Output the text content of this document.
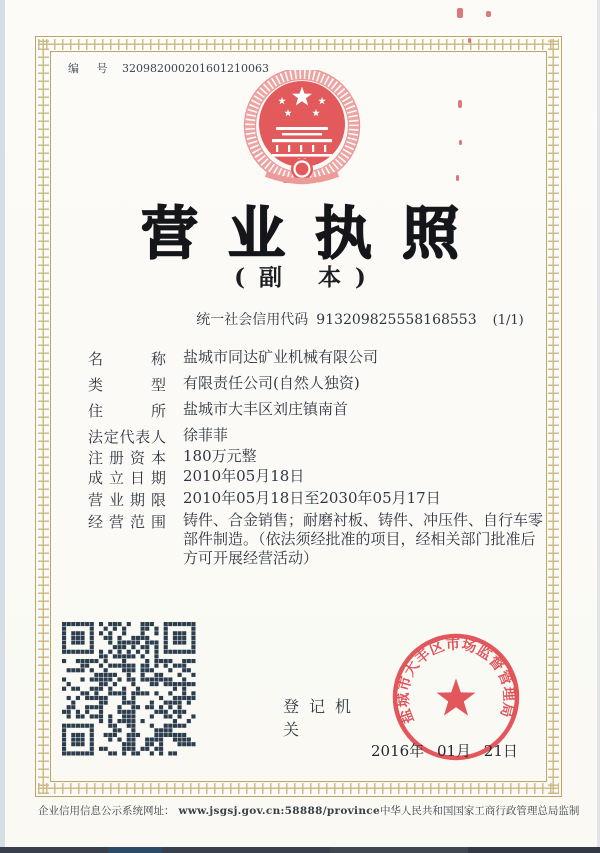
编 号 320982000201601210063
营业执照
(副 本)
统一社会信用代码 913209825558168553 (1/1)
名称 盐城市同达矿业机械有限公司
类型 有限责任公司(自然人独资)
住所 盐城市大丰区刘庄镇南首
法定代表人 徐菲菲
注册资本 180万元整
成立日期 2010年05月18日
营业期限 2010年05月18日至2030年05月17日
经营范围 铸件、合金销售；耐磨衬板、铸件、冲压件、自行车零部件制造。（依法须经批准的项目，经相关部门批准后方可开展经营活动）
登记机关
盐城市大丰区市场监督管理局
2016年 01月 21日
企业信用信息公示系统网址： www.jsgsj.gov.cn:58888/province 中华人民共和国国家工商行政管理总局监制
